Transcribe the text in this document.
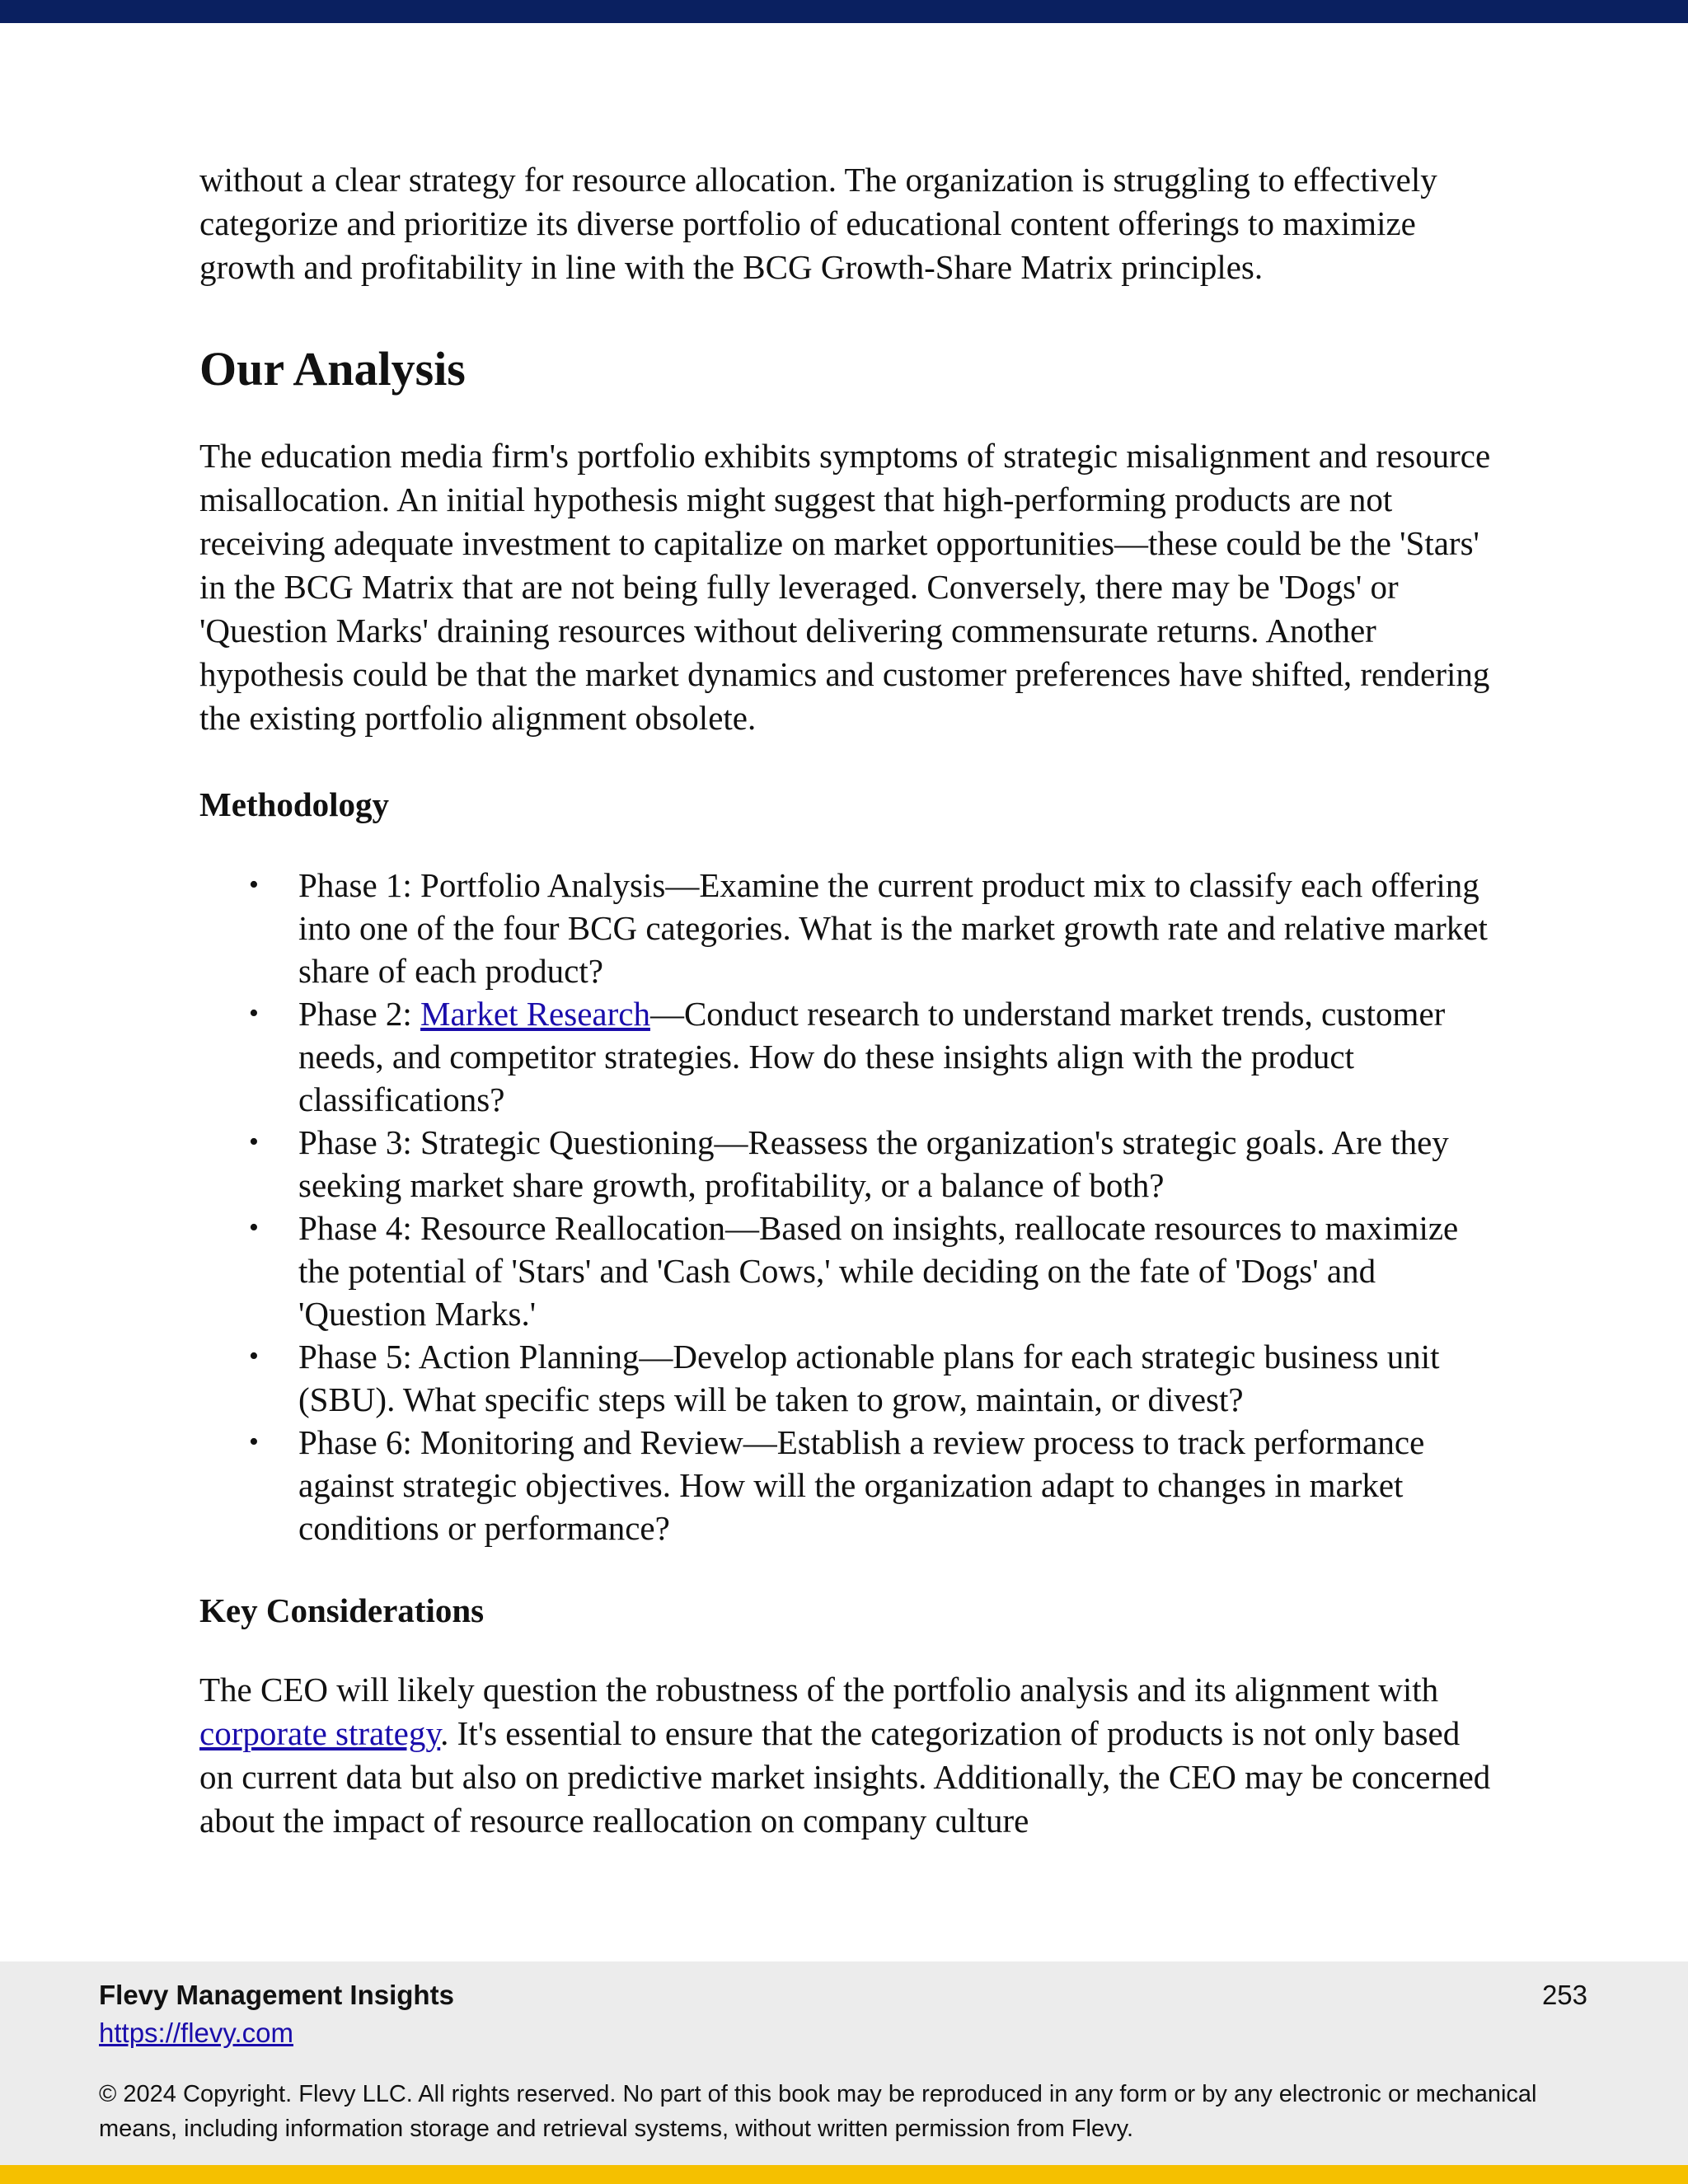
without a clear strategy for resource allocation. The organization is struggling to effectively categorize and prioritize its diverse portfolio of educational content offerings to maximize growth and profitability in line with the BCG Growth-Share Matrix principles.

Our Analysis

The education media firm's portfolio exhibits symptoms of strategic misalignment and resource misallocation. An initial hypothesis might suggest that high-performing products are not receiving adequate investment to capitalize on market opportunities—these could be the 'Stars' in the BCG Matrix that are not being fully leveraged. Conversely, there may be 'Dogs' or 'Question Marks' draining resources without delivering commensurate returns. Another hypothesis could be that the market dynamics and customer preferences have shifted, rendering the existing portfolio alignment obsolete.

Methodology
• Phase 1: Portfolio Analysis—Examine the current product mix to classify each offering into one of the four BCG categories. What is the market growth rate and relative market share of each product?
• Phase 2: Market Research—Conduct research to understand market trends, customer needs, and competitor strategies. How do these insights align with the product classifications?
• Phase 3: Strategic Questioning—Reassess the organization's strategic goals. Are they seeking market share growth, profitability, or a balance of both?
• Phase 4: Resource Reallocation—Based on insights, reallocate resources to maximize the potential of 'Stars' and 'Cash Cows,' while deciding on the fate of 'Dogs' and 'Question Marks.'
• Phase 5: Action Planning—Develop actionable plans for each strategic business unit (SBU). What specific steps will be taken to grow, maintain, or divest?
• Phase 6: Monitoring and Review—Establish a review process to track performance against strategic objectives. How will the organization adapt to changes in market conditions or performance?
Key Considerations

The CEO will likely question the robustness of the portfolio analysis and its alignment with corporate strategy. It's essential to ensure that the categorization of products is not only based on current data but also on predictive market insights. Additionally, the CEO may be concerned about the impact of resource reallocation on company culture

Flevy Management Insights	253
https://flevy.com
© 2024 Copyright. Flevy LLC. All rights reserved. No part of this book may be reproduced in any form or by any electronic or mechanical means, including information storage and retrieval systems, without written permission from Flevy.
